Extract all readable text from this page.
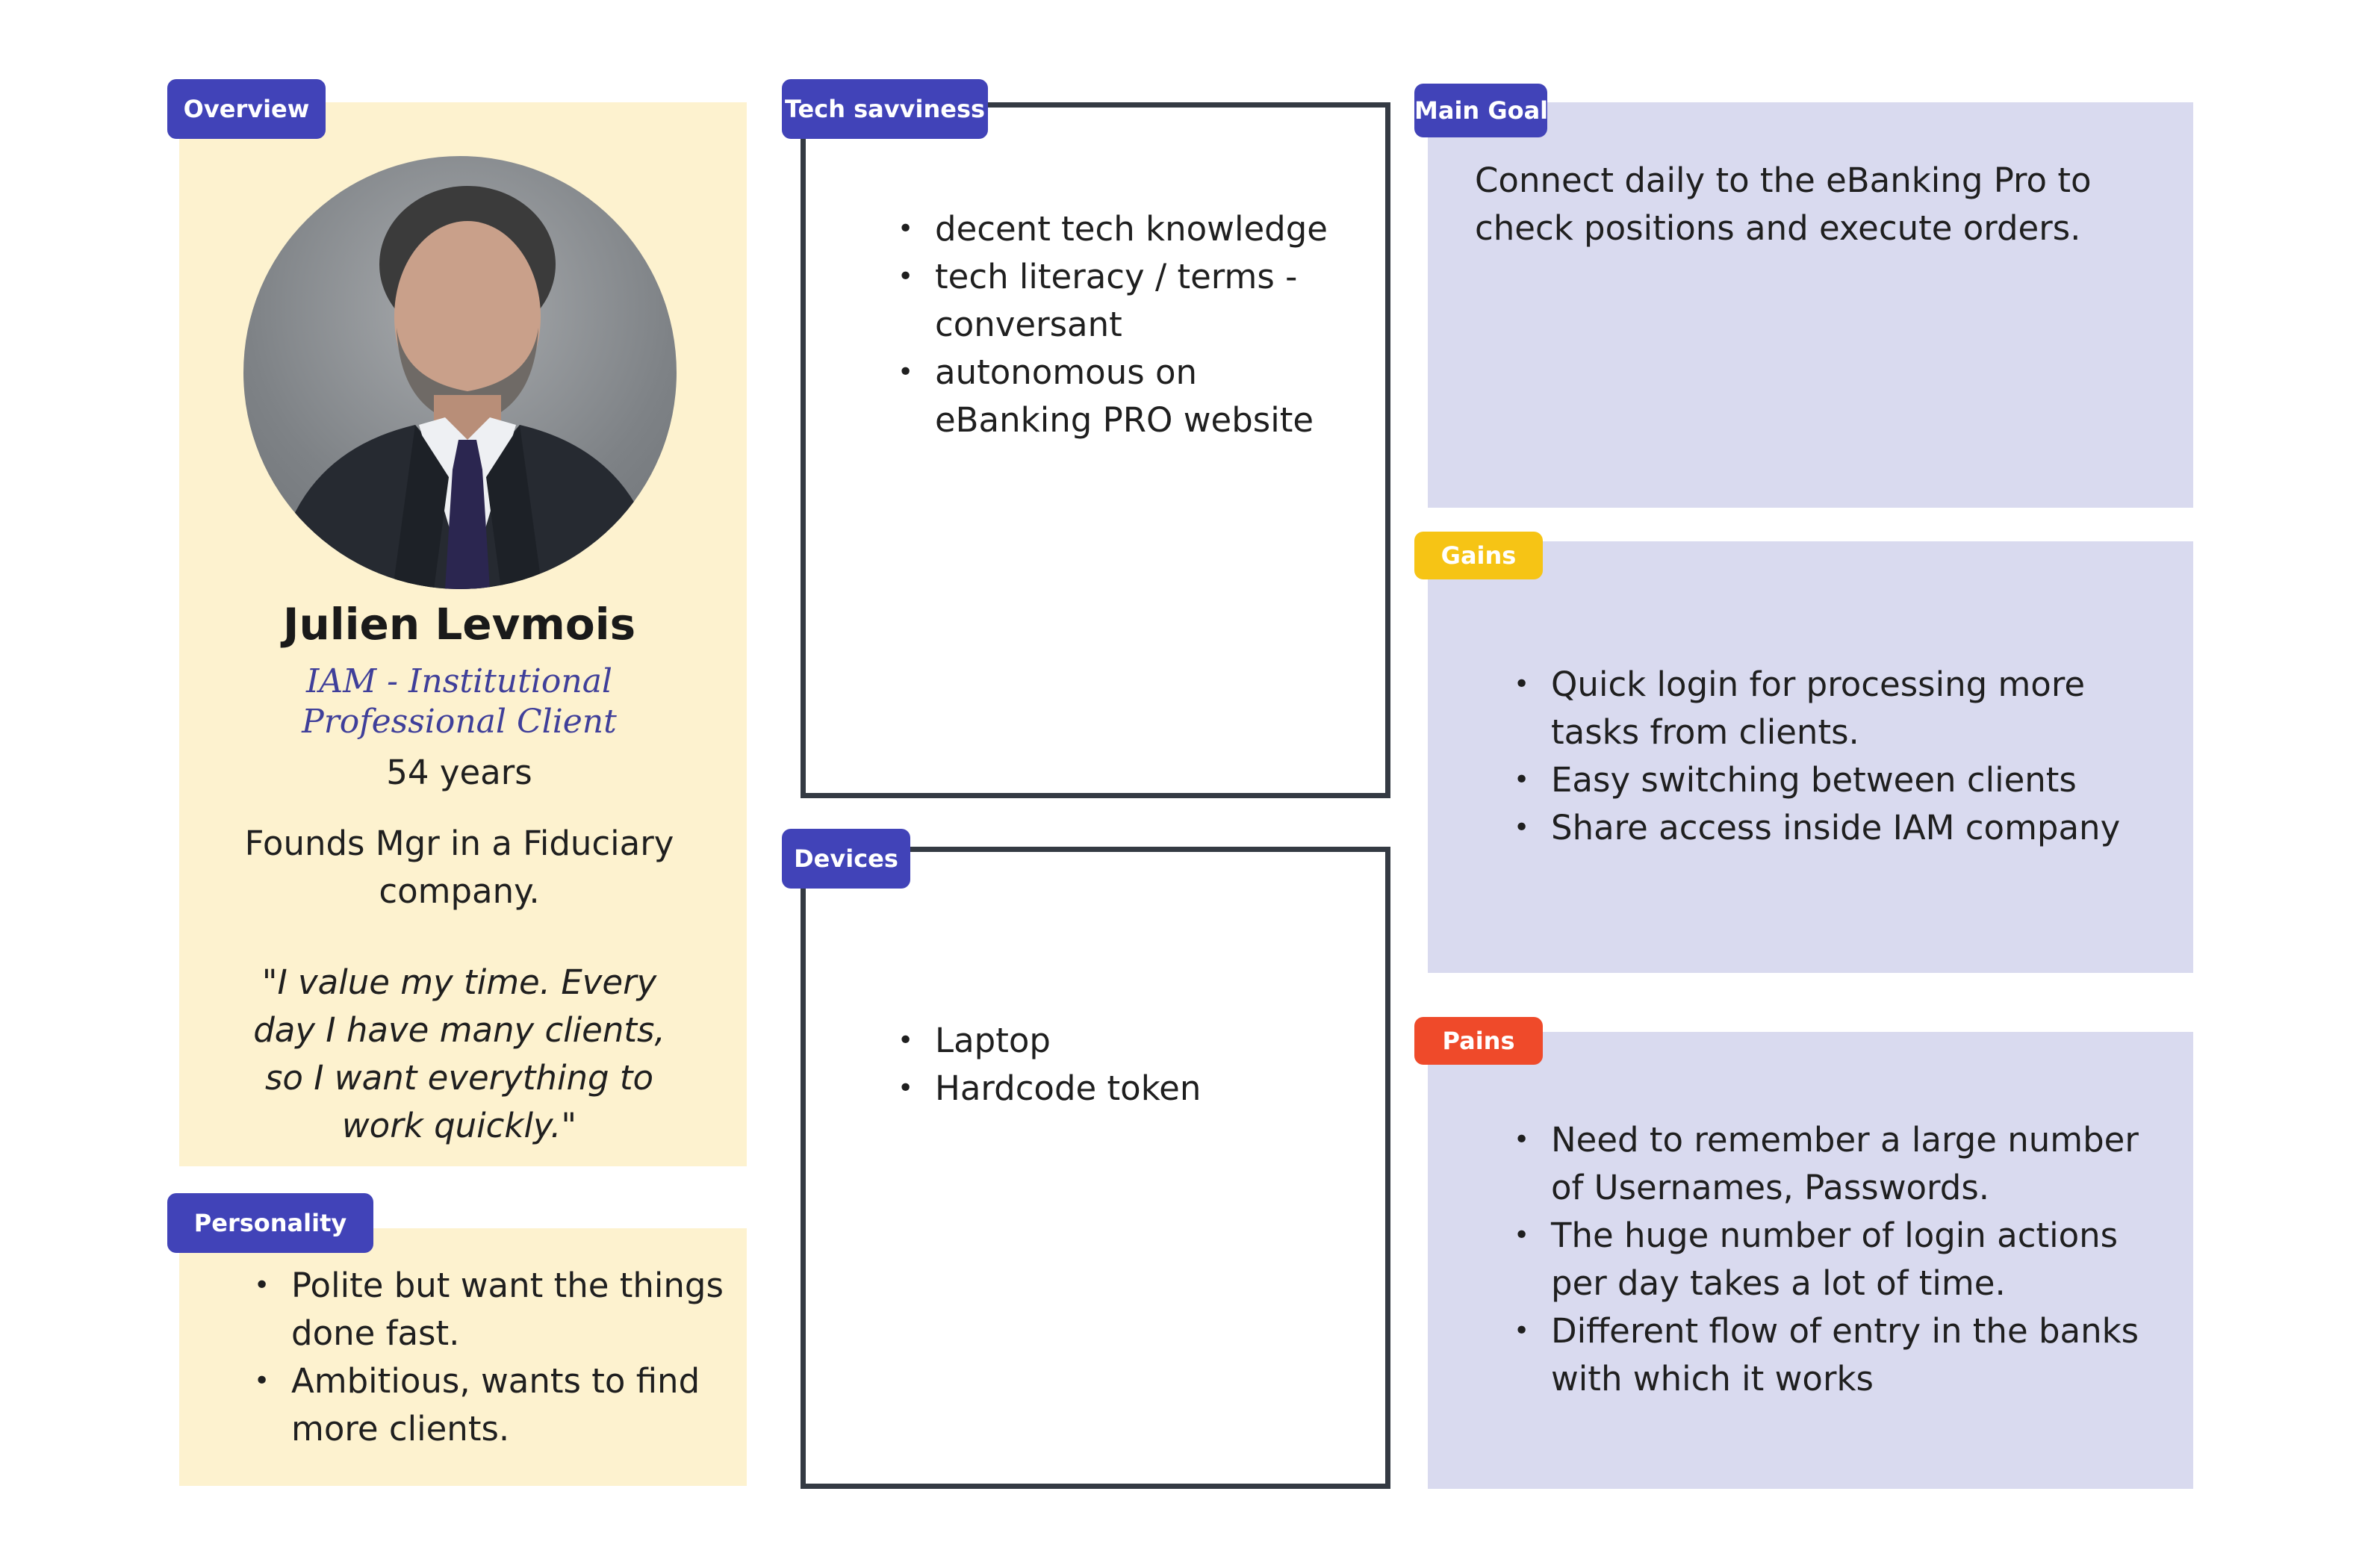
Overview
Julien Levmois
IAM - Institutional Professional Client
54 years
Founds Mgr in a Fiduciary company.
"I value my time. Every day I have many clients, so I want everything to work quickly."
Personality
• Polite but want the things done fast.
• Ambitious, wants to find more clients.
Tech savviness
• decent tech knowledge
• tech literacy / terms - conversant
• autonomous on eBanking PRO website
Devices
• Laptop
• Hardcode token
Main Goal
Connect daily to the eBanking Pro to check positions and execute orders.
Gains
• Quick login for processing more tasks from clients.
• Easy switching between clients
• Share access inside IAM company
Pains
• Need to remember a large number of Usernames, Passwords.
• The huge number of login actions per day takes a lot of time.
• Different flow of entry in the banks with which it works
